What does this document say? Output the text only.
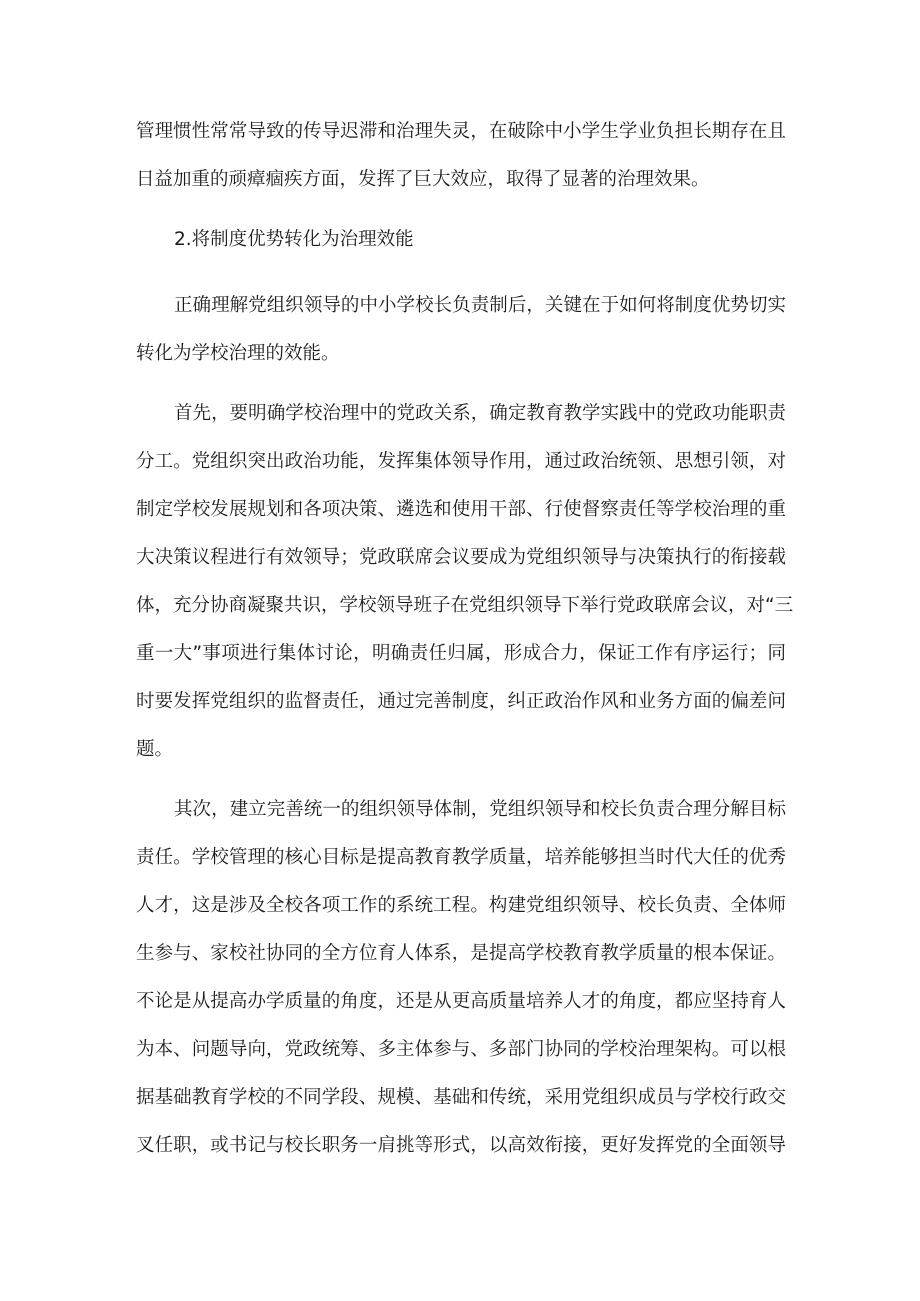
管理惯性常常导致的传导迟滞和治理失灵，在破除中小学生学业负担长期存在且
日益加重的顽瘴痼疾方面，发挥了巨大效应，取得了显著的治理效果。
2.将制度优势转化为治理效能
正确理解党组织领导的中小学校长负责制后，关键在于如何将制度优势切实
转化为学校治理的效能。
首先，要明确学校治理中的党政关系，确定教育教学实践中的党政功能职责
分工。党组织突出政治功能，发挥集体领导作用，通过政治统领、思想引领，对
制定学校发展规划和各项决策、遴选和使用干部、行使督察责任等学校治理的重
大决策议程进行有效领导；党政联席会议要成为党组织领导与决策执行的衔接载
体，充分协商凝聚共识，学校领导班子在党组织领导下举行党政联席会议，对“三
重一大”事项进行集体讨论，明确责任归属，形成合力，保证工作有序运行；同
时要发挥党组织的监督责任，通过完善制度，纠正政治作风和业务方面的偏差问
题。
其次，建立完善统一的组织领导体制，党组织领导和校长负责合理分解目标
责任。学校管理的核心目标是提高教育教学质量，培养能够担当时代大任的优秀
人才，这是涉及全校各项工作的系统工程。构建党组织领导、校长负责、全体师
生参与、家校社协同的全方位育人体系，是提高学校教育教学质量的根本保证。
不论是从提高办学质量的角度，还是从更高质量培养人才的角度，都应坚持育人
为本、问题导向，党政统筹、多主体参与、多部门协同的学校治理架构。可以根
据基础教育学校的不同学段、规模、基础和传统，采用党组织成员与学校行政交
叉任职，或书记与校长职务一肩挑等形式，以高效衔接，更好发挥党的全面领导
